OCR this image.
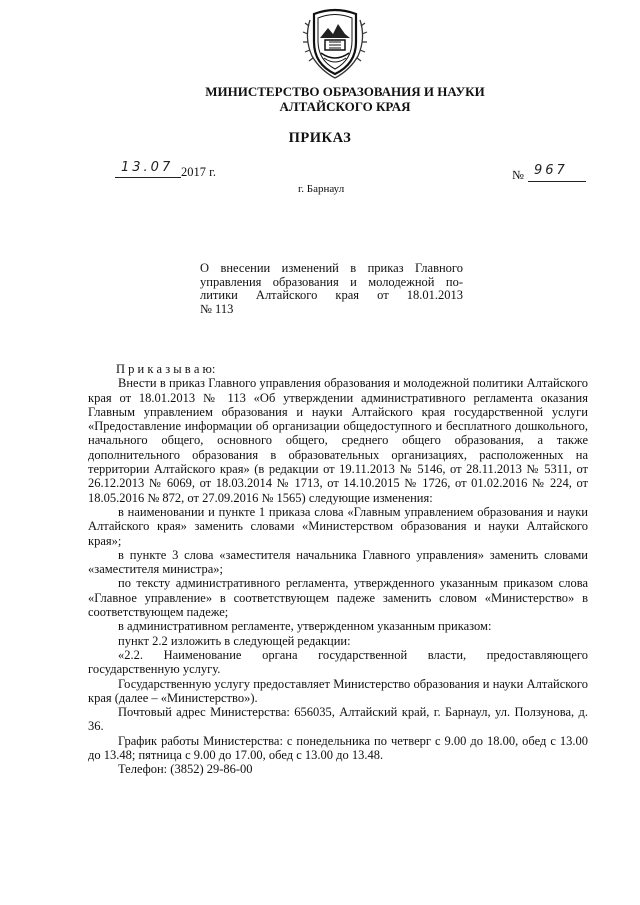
МИНИСТЕРСТВО ОБРАЗОВАНИЯ И НАУКИ
АЛТАЙСКОГО КРАЯ
ПРИКАЗ
13.07 2017 г.	№ 967
г. Барнаул
О внесении изменений в приказ Главного
управления образования и молодежной по-
литики Алтайского края от 18.01.2013
№ 113

П р и к а з ы в а ю:

Внести в приказ Главного управления образования и молодежной политики Алтайского края от 18.01.2013 № 113 «Об утверждении административного регламента оказания Главным управлением образования и науки Алтайского края государственной услуги «Предоставление информации об организации общедоступного и бесплатного дошкольного, начального общего, основного общего, среднего общего образования, а также дополнительного образования в образовательных организациях, расположенных на территории Алтайского края» (в редакции от 19.11.2013 № 5146, от 28.11.2013 № 5311, от 26.12.2013 № 6069, от 18.03.2014 № 1713, от 14.10.2015 № 1726, от 01.02.2016 № 224, от 18.05.2016 № 872, от 27.09.2016 № 1565) следующие изменения:

в наименовании и пункте 1 приказа слова «Главным управлением образования и науки Алтайского края» заменить словами «Министерством образования и науки Алтайского края»;

в пункте 3 слова «заместителя начальника Главного управления» заменить словами «заместителя министра»;

по тексту административного регламента, утвержденного указанным приказом слова «Главное управление» в соответствующем падеже заменить словом «Министерство» в соответствующем падеже;

в административном регламенте, утвержденном указанным приказом:

пункт 2.2 изложить в следующей редакции:

«2.2. Наименование органа государственной власти, предоставляющего государственную услугу.

Государственную услугу предоставляет Министерство образования и науки Алтайского края (далее – «Министерство»).

Почтовый адрес Министерства: 656035, Алтайский край, г. Барнаул, ул. Ползунова, д. 36.

График работы Министерства: с понедельника по четверг с 9.00 до 18.00, обед с 13.00 до 13.48; пятница с 9.00 до 17.00, обед с 13.00 до 13.48.

Телефон: (3852) 29-86-00
